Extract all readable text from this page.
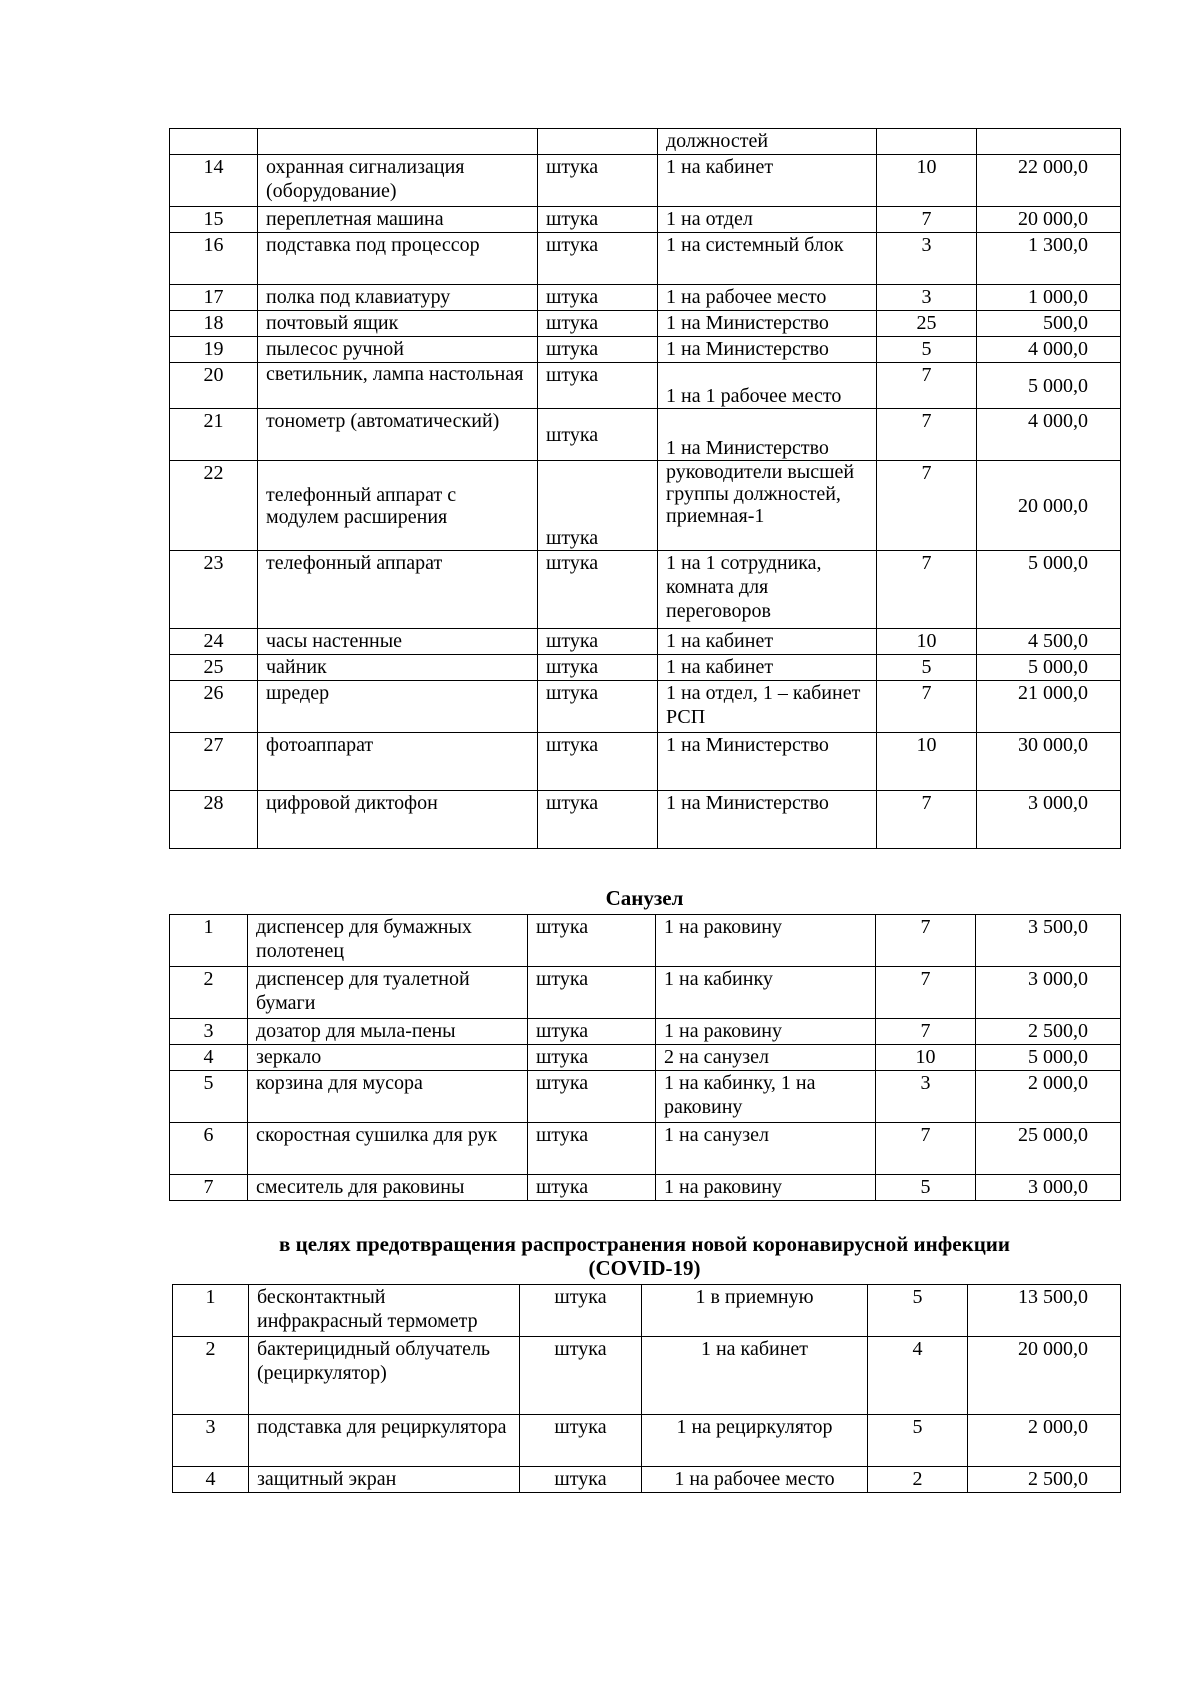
			должностей		
14	охранная сигнализация (оборудование)	штука	1 на кабинет	10	22 000,0
15	переплетная машина	штука	1 на отдел	7	20 000,0
16	подставка под процессор	штука	1 на системный блок	3	1 300,0
17	полка под клавиатуру	штука	1 на рабочее место	3	1 000,0
18	почтовый ящик	штука	1 на Министерство	25	500,0
19	пылесос ручной	штука	1 на Министерство	5	4 000,0
20	светильник, лампа настольная	штука	1 на 1 рабочее место	7	5 000,0
21	тонометр (автоматический)	штука	1 на Министерство	7	4 000,0
22	телефонный аппарат с модулем расширения	штука	руководители высшей группы должностей, приемная-1	7	20 000,0
23	телефонный аппарат	штука	1 на 1 сотрудника, комната для переговоров	7	5 000,0
24	часы настенные	штука	1 на кабинет	10	4 500,0
25	чайник	штука	1 на кабинет	5	5 000,0
26	шредер	штука	1 на отдел, 1 – кабинет РСП	7	21 000,0
27	фотоаппарат	штука	1 на Министерство	10	30 000,0
28	цифровой диктофон	штука	1 на Министерство	7	3 000,0
Санузел
1	диспенсер для бумажных полотенец	штука	1 на раковину	7	3 500,0
2	диспенсер для туалетной бумаги	штука	1 на кабинку	7	3 000,0
3	дозатор для мыла-пены	штука	1 на раковину	7	2 500,0
4	зеркало	штука	2 на санузел	10	5 000,0
5	корзина для мусора	штука	1 на кабинку, 1 на раковину	3	2 000,0
6	скоростная сушилка для рук	штука	1 на санузел	7	25 000,0
7	смеситель для раковины	штука	1 на раковину	5	3 000,0
в целях предотвращения распространения новой коронавирусной инфекции
(COVID-19)
1	бесконтактный инфракрасный термометр	штука	1 в приемную	5	13 500,0
2	бактерицидный облучатель (рециркулятор)	штука	1 на кабинет	4	20 000,0
3	подставка для рециркулятора	штука	1 на рециркулятор	5	2 000,0
4	защитный экран	штука	1 на рабочее место	2	2 500,0
